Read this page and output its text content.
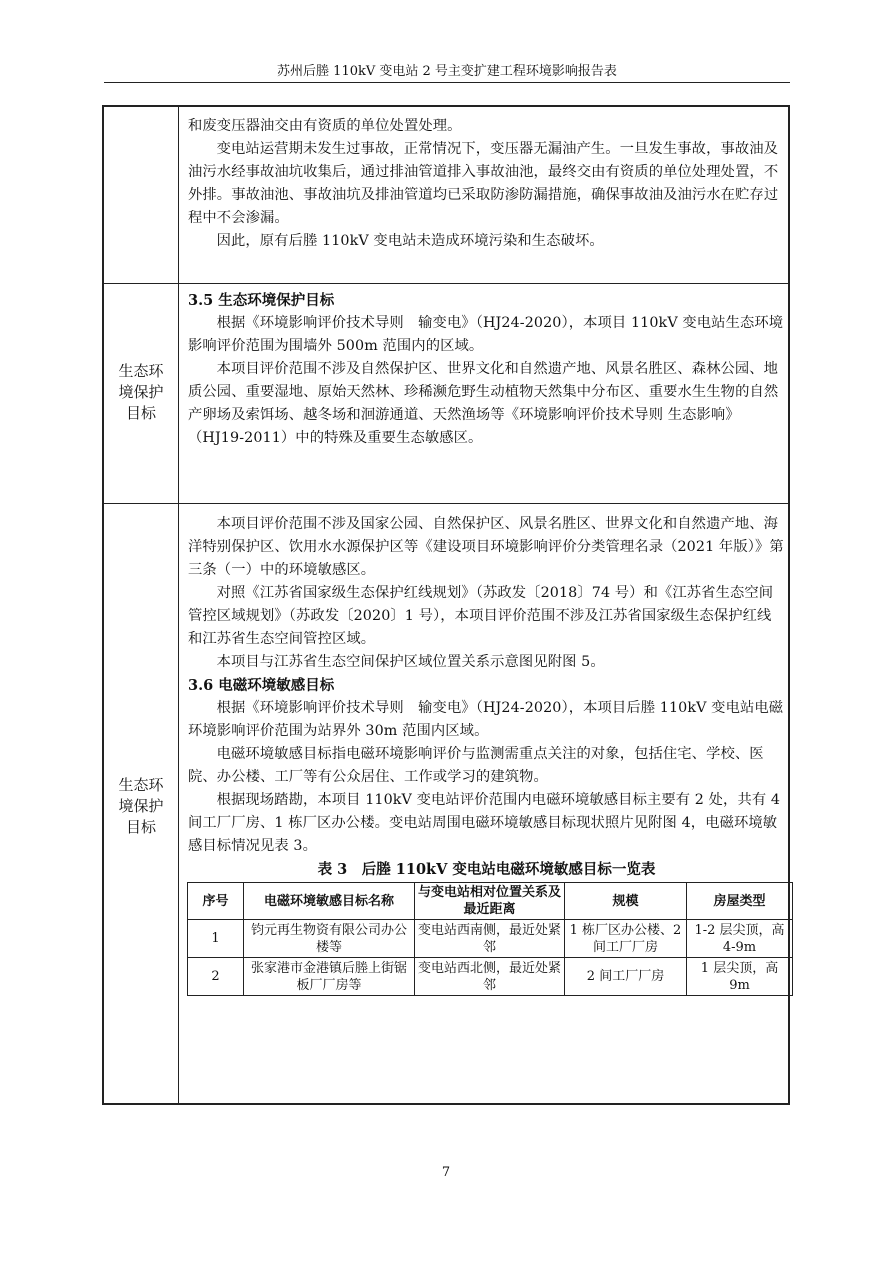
苏州后塍 110kV 变电站 2 号主变扩建工程环境影响报告表

和废变压器油交由有资质的单位处置处理。

变电站运营期未发生过事故，正常情况下，变压器无漏油产生。一旦发生事故，事故油及油污水经事故油坑收集后，通过排油管道排入事故油池，最终交由有资质的单位处理处置，不外排。事故油池、事故油坑及排油管道均已采取防渗防漏措施，确保事故油及油污水在贮存过程中不会渗漏。

因此，原有后塍 110kV 变电站未造成环境污染和生态破坏。

生态环
境保护
目标

3.5 生态环境保护目标

根据《环境影响评价技术导则　输变电》（HJ24-2020），本项目 110kV 变电站生态环境影响评价范围为围墙外 500m 范围内的区域。

本项目评价范围不涉及自然保护区、世界文化和自然遗产地、风景名胜区、森林公园、地质公园、重要湿地、原始天然林、珍稀濒危野生动植物天然集中分布区、重要水生生物的自然产卵场及索饵场、越冬场和洄游通道、天然渔场等《环境影响评价技术导则 生态影响》（HJ19-2011）中的特殊及重要生态敏感区。

生态环
境保护
目标

本项目评价范围不涉及国家公园、自然保护区、风景名胜区、世界文化和自然遗产地、海洋特别保护区、饮用水水源保护区等《建设项目环境影响评价分类管理名录（2021 年版）》第三条（一）中的环境敏感区。

对照《江苏省国家级生态保护红线规划》（苏政发〔2018〕74 号）和《江苏省生态空间管控区域规划》（苏政发〔2020〕1 号），本项目评价范围不涉及江苏省国家级生态保护红线和江苏省生态空间管控区域。

本项目与江苏省生态空间保护区域位置关系示意图见附图 5。

3.6 电磁环境敏感目标

根据《环境影响评价技术导则　输变电》（HJ24-2020），本项目后塍 110kV 变电站电磁环境影响评价范围为站界外 30m 范围内区域。

电磁环境敏感目标指电磁环境影响评价与监测需重点关注的对象，包括住宅、学校、医院、办公楼、工厂等有公众居住、工作或学习的建筑物。

根据现场踏勘，本项目 110kV 变电站评价范围内电磁环境敏感目标主要有 2 处，共有 4 间工厂厂房、1 栋厂区办公楼。变电站周围电磁环境敏感目标现状照片见附图 4，电磁环境敏感目标情况见表 3。

表 3　后塍 110kV 变电站电磁环境敏感目标一览表
序号	电磁环境敏感目标名称	与变电站相对位置关系及最近距离	规模	房屋类型
1	钧元再生物资有限公司办公楼等	变电站西南侧，最近处紧邻	1 栋厂区办公楼、2 间工厂厂房	1-2 层尖顶，高 4-9m
2	张家港市金港镇后塍上街锯板厂厂房等	变电站西北侧，最近处紧邻	2 间工厂厂房	1 层尖顶，高 9m
7
